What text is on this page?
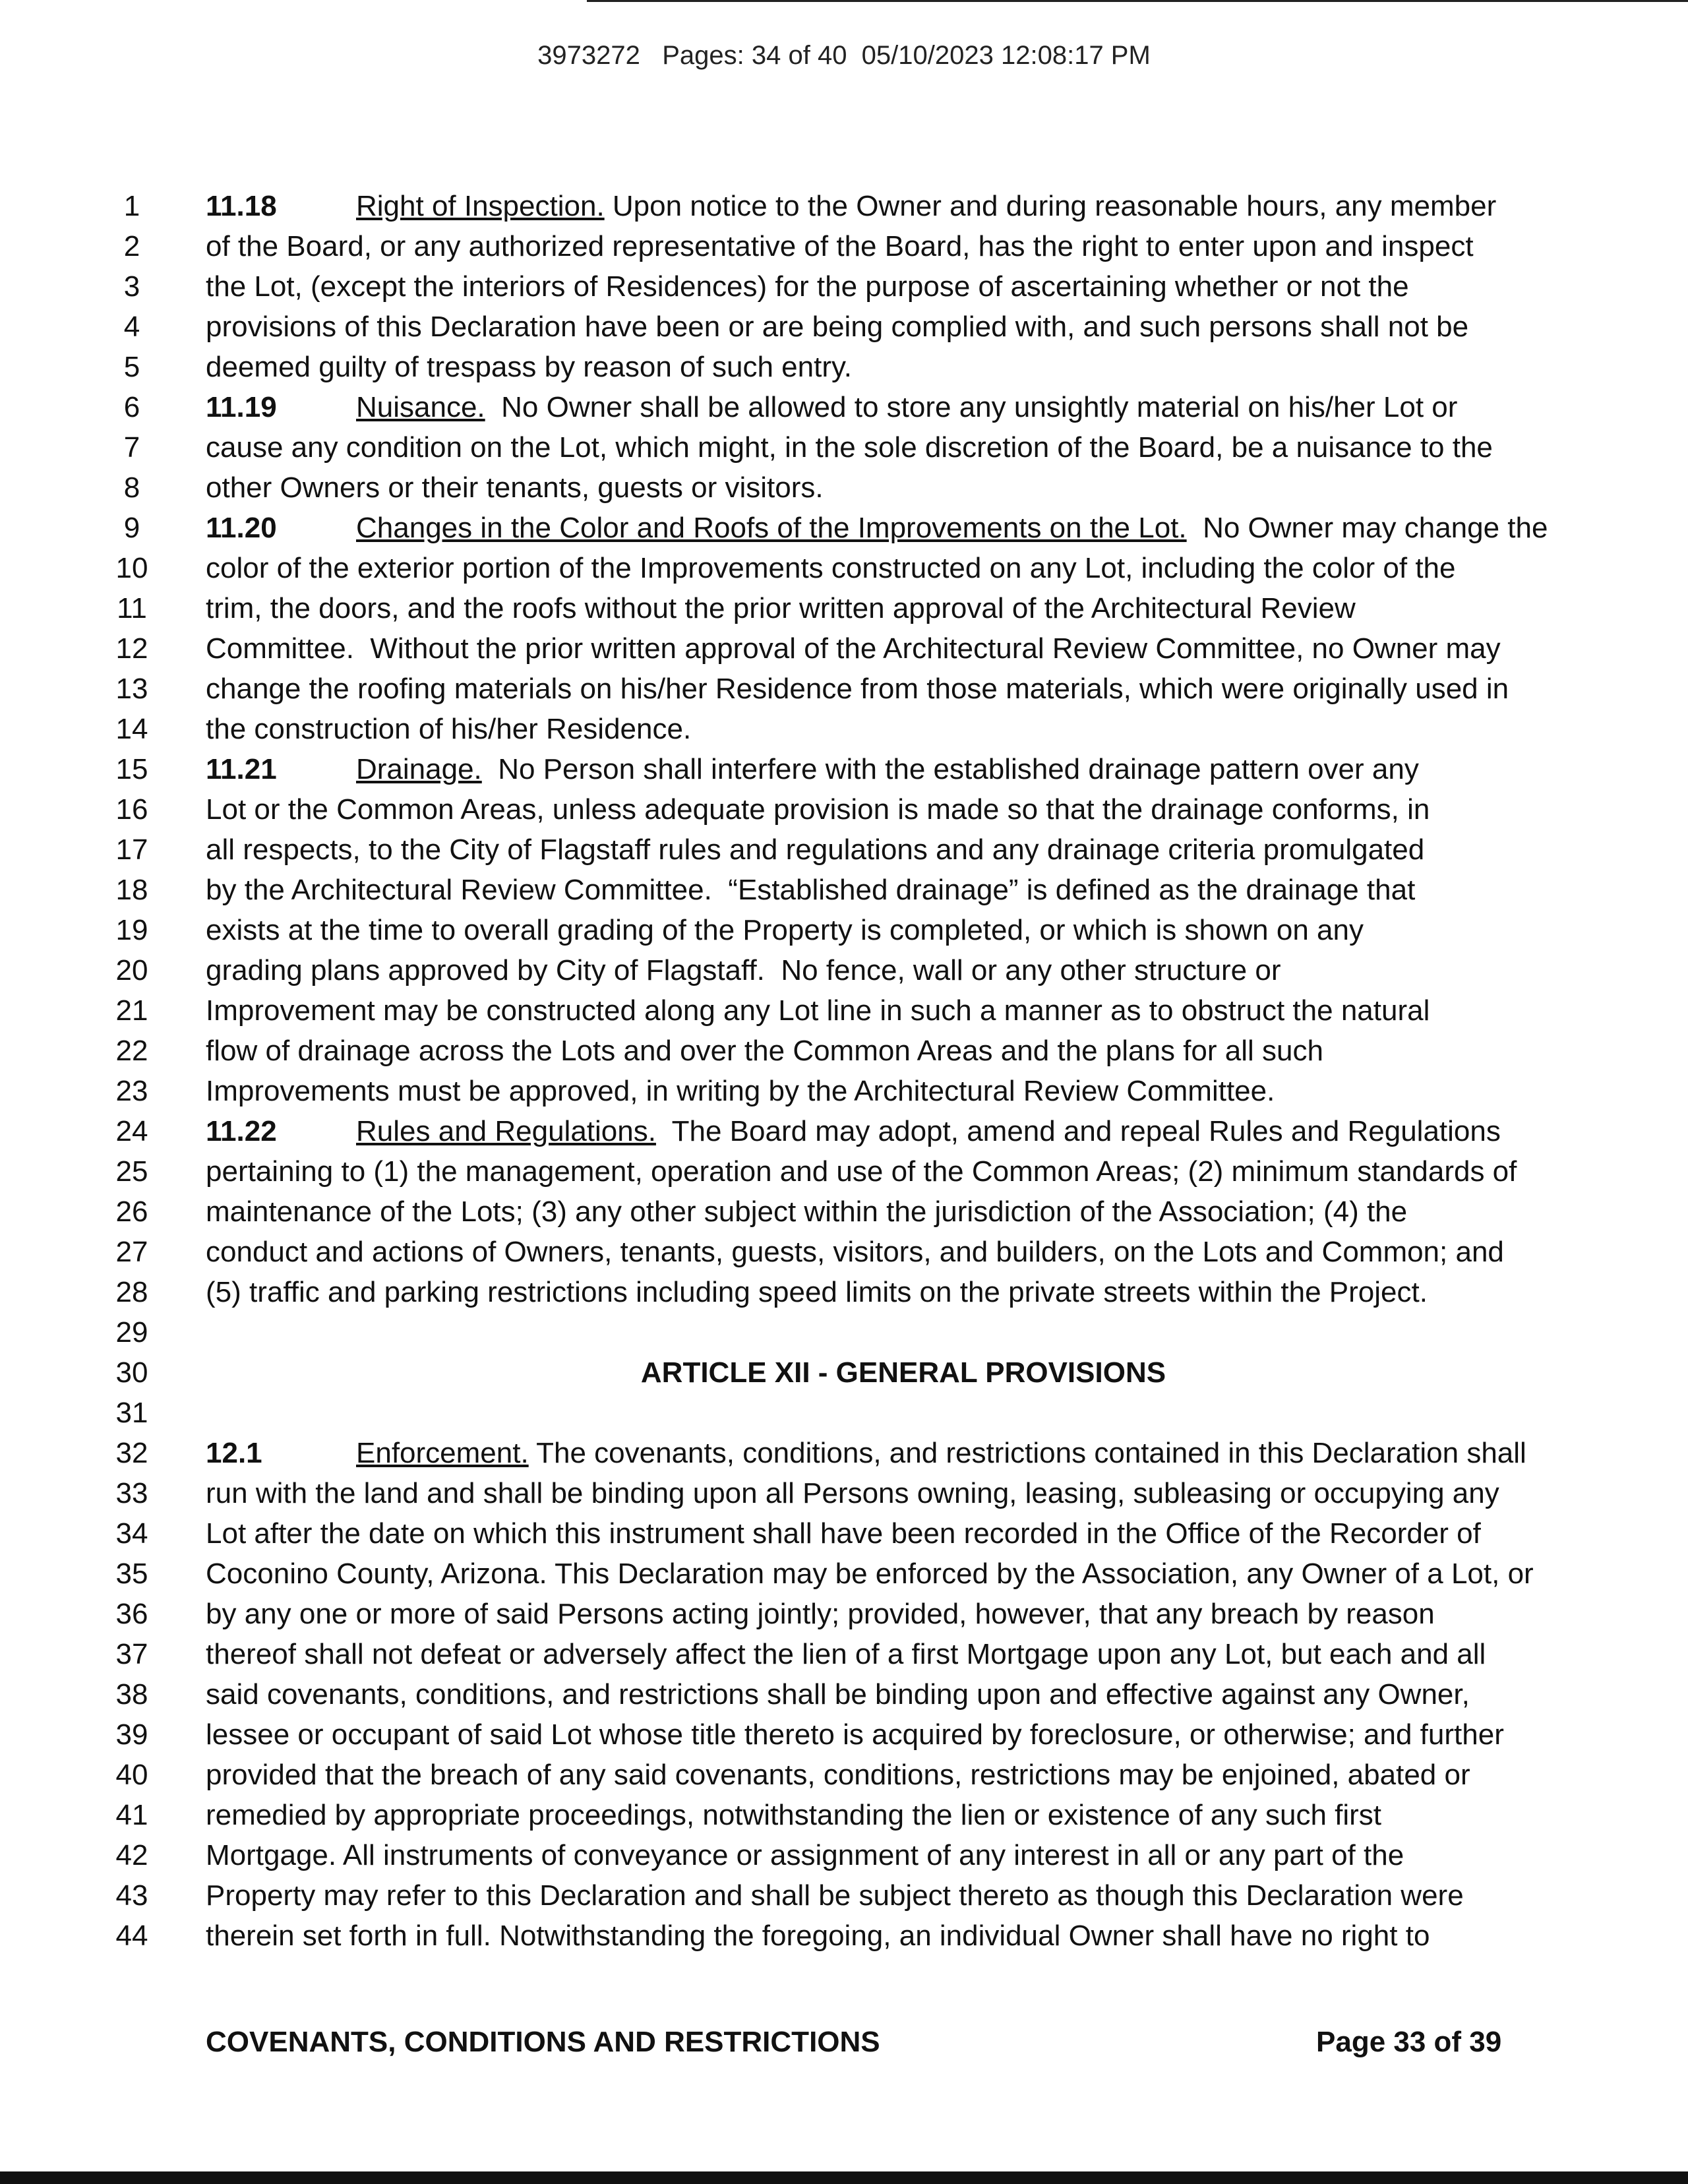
3973272   Pages: 34 of 40  05/10/2023 12:08:17 PM
1	11.18	Right of Inspection. Upon notice to the Owner and during reasonable hours, any member
2	of the Board, or any authorized representative of the Board, has the right to enter upon and inspect
3	the Lot, (except the interiors of Residences) for the purpose of ascertaining whether or not the
4	provisions of this Declaration have been or are being complied with, and such persons shall not be
5	deemed guilty of trespass by reason of such entry.
6	11.19	Nuisance.  No Owner shall be allowed to store any unsightly material on his/her Lot or
7	cause any condition on the Lot, which might, in the sole discretion of the Board, be a nuisance to the
8	other Owners or their tenants, guests or visitors.
9	11.20	Changes in the Color and Roofs of the Improvements on the Lot.  No Owner may change the
10	color of the exterior portion of the Improvements constructed on any Lot, including the color of the
11	trim, the doors, and the roofs without the prior written approval of the Architectural Review
12	Committee.  Without the prior written approval of the Architectural Review Committee, no Owner may
13	change the roofing materials on his/her Residence from those materials, which were originally used in
14	the construction of his/her Residence.
15	11.21	Drainage.  No Person shall interfere with the established drainage pattern over any
16	Lot or the Common Areas, unless adequate provision is made so that the drainage conforms, in
17	all respects, to the City of Flagstaff rules and regulations and any drainage criteria promulgated
18	by the Architectural Review Committee.  “Established drainage” is defined as the drainage that
19	exists at the time to overall grading of the Property is completed, or which is shown on any
20	grading plans approved by City of Flagstaff.  No fence, wall or any other structure or
21	Improvement may be constructed along any Lot line in such a manner as to obstruct the natural
22	flow of drainage across the Lots and over the Common Areas and the plans for all such
23	Improvements must be approved, in writing by the Architectural Review Committee.
24	11.22	Rules and Regulations.  The Board may adopt, amend and repeal Rules and Regulations
25	pertaining to (1) the management, operation and use of the Common Areas; (2) minimum standards of
26	maintenance of the Lots; (3) any other subject within the jurisdiction of the Association; (4) the
27	conduct and actions of Owners, tenants, guests, visitors, and builders, on the Lots and Common; and
28	(5) traffic and parking restrictions including speed limits on the private streets within the Project.
29
30	ARTICLE XII - GENERAL PROVISIONS
31
32	12.1	Enforcement. The covenants, conditions, and restrictions contained in this Declaration shall
33	run with the land and shall be binding upon all Persons owning, leasing, subleasing or occupying any
34	Lot after the date on which this instrument shall have been recorded in the Office of the Recorder of
35	Coconino County, Arizona. This Declaration may be enforced by the Association, any Owner of a Lot, or
36	by any one or more of said Persons acting jointly; provided, however, that any breach by reason
37	thereof shall not defeat or adversely affect the lien of a first Mortgage upon any Lot, but each and all
38	said covenants, conditions, and restrictions shall be binding upon and effective against any Owner,
39	lessee or occupant of said Lot whose title thereto is acquired by foreclosure, or otherwise; and further
40	provided that the breach of any said covenants, conditions, restrictions may be enjoined, abated or
41	remedied by appropriate proceedings, notwithstanding the lien or existence of any such first
42	Mortgage. All instruments of conveyance or assignment of any interest in all or any part of the
43	Property may refer to this Declaration and shall be subject thereto as though this Declaration were
44	therein set forth in full. Notwithstanding the foregoing, an individual Owner shall have no right to
COVENANTS, CONDITIONS AND RESTRICTIONS	Page 33 of 39
